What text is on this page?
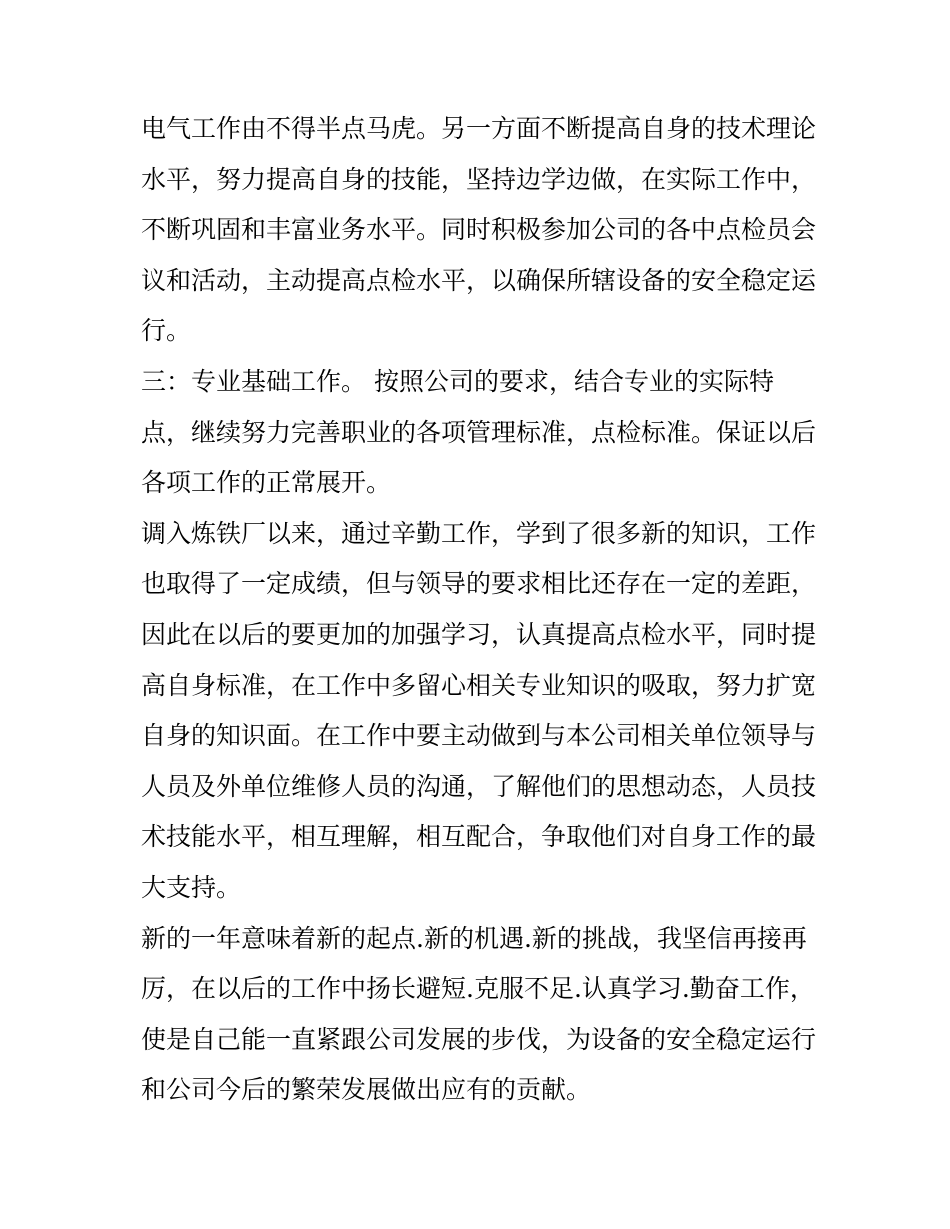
电气工作由不得半点马虎。另一方面不断提高自身的技术理论
水平，努力提高自身的技能，坚持边学边做，在实际工作中，
不断巩固和丰富业务水平。同时积极参加公司的各中点检员会
议和活动，主动提高点检水平，以确保所辖设备的安全稳定运
行。
三：专业基础工作。 按照公司的要求，结合专业的实际特
点，继续努力完善职业的各项管理标准，点检标准。保证以后
各项工作的正常展开。
调入炼铁厂以来，通过辛勤工作，学到了很多新的知识，工作
也取得了一定成绩，但与领导的要求相比还存在一定的差距，
因此在以后的要更加的加强学习，认真提高点检水平，同时提
高自身标准，在工作中多留心相关专业知识的吸取，努力扩宽
自身的知识面。在工作中要主动做到与本公司相关单位领导与
人员及外单位维修人员的沟通，了解他们的思想动态，人员技
术技能水平，相互理解，相互配合，争取他们对自身工作的最
大支持。
新的一年意味着新的起点.新的机遇.新的挑战，我坚信再接再
厉，在以后的工作中扬长避短.克服不足.认真学习.勤奋工作，
使是自己能一直紧跟公司发展的步伐，为设备的安全稳定运行
和公司今后的繁荣发展做出应有的贡献。
